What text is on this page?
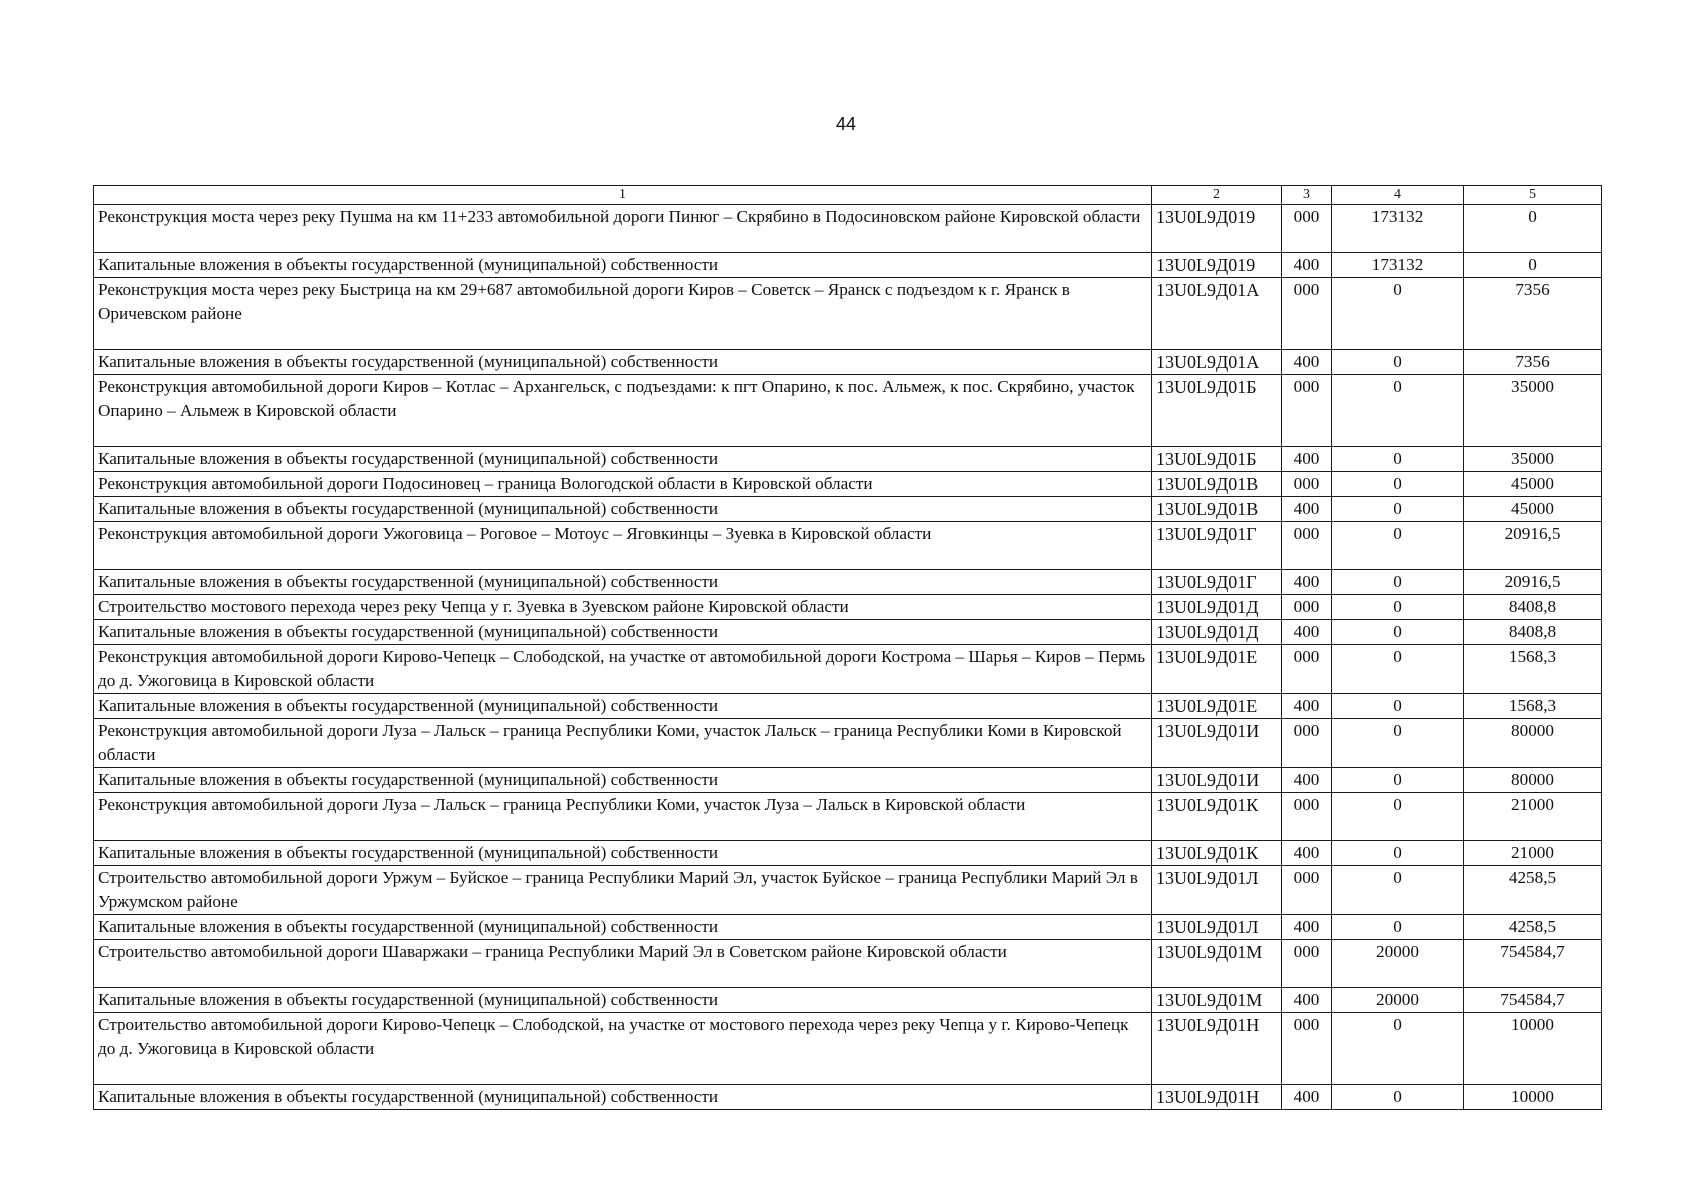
44
1	2	3	4	5
Реконструкция моста через реку Пушма на км 11+233 автомобильной дороги Пинюг – Скрябино в Подосиновском районе Кировской области	13U0L9Д019	000	173132	0
Капитальные вложения в объекты государственной (муниципальной) собственности	13U0L9Д019	400	173132	0
Реконструкция моста через реку Быстрица на км 29+687 автомобильной дороги Киров – Советск – Яранск с подъездом к г. Яранск в Оричевском районе	13U0L9Д01А	000	0	7356
Капитальные вложения в объекты государственной (муниципальной) собственности	13U0L9Д01А	400	0	7356
Реконструкция автомобильной дороги Киров – Котлас – Архангельск, с подъездами: к пгт Опарино, к пос. Альмеж, к пос. Скрябино, участок Опарино – Альмеж в Кировской области	13U0L9Д01Б	000	0	35000
Капитальные вложения в объекты государственной (муниципальной) собственности	13U0L9Д01Б	400	0	35000
Реконструкция автомобильной дороги Подосиновец – граница Вологодской области в Кировской области	13U0L9Д01В	000	0	45000
Капитальные вложения в объекты государственной (муниципальной) собственности	13U0L9Д01В	400	0	45000
Реконструкция автомобильной дороги Ужоговица – Роговое – Мотоус – Яговкинцы – Зуевка в Кировской области	13U0L9Д01Г	000	0	20916,5
Капитальные вложения в объекты государственной (муниципальной) собственности	13U0L9Д01Г	400	0	20916,5
Строительство мостового перехода через реку Чепца у г. Зуевка в Зуевском районе Кировской области	13U0L9Д01Д	000	0	8408,8
Капитальные вложения в объекты государственной (муниципальной) собственности	13U0L9Д01Д	400	0	8408,8
Реконструкция автомобильной дороги Кирово-Чепецк – Слободской, на участке от автомобильной дороги Кострома – Шарья – Киров – Пермь до д. Ужоговица в Кировской области	13U0L9Д01Е	000	0	1568,3
Капитальные вложения в объекты государственной (муниципальной) собственности	13U0L9Д01Е	400	0	1568,3
Реконструкция автомобильной дороги Луза – Лальск – граница Республики Коми, участок Лальск – граница Республики Коми в Кировской области	13U0L9Д01И	000	0	80000
Капитальные вложения в объекты государственной (муниципальной) собственности	13U0L9Д01И	400	0	80000
Реконструкция автомобильной дороги Луза – Лальск – граница Республики Коми, участок Луза – Лальск в Кировской области	13U0L9Д01К	000	0	21000
Капитальные вложения в объекты государственной (муниципальной) собственности	13U0L9Д01К	400	0	21000
Строительство автомобильной дороги Уржум – Буйское – граница Республики Марий Эл, участок Буйское – граница Республики Марий Эл в Уржумском районе	13U0L9Д01Л	000	0	4258,5
Капитальные вложения в объекты государственной (муниципальной) собственности	13U0L9Д01Л	400	0	4258,5
Строительство автомобильной дороги Шаваржаки – граница Республики Марий Эл в Советском районе Кировской области	13U0L9Д01М	000	20000	754584,7
Капитальные вложения в объекты государственной (муниципальной) собственности	13U0L9Д01М	400	20000	754584,7
Строительство автомобильной дороги Кирово-Чепецк – Слободской, на участке от мостового перехода через реку Чепца у г. Кирово-Чепецк до д. Ужоговица в Кировской области	13U0L9Д01Н	000	0	10000
Капитальные вложения в объекты государственной (муниципальной) собственности	13U0L9Д01Н	400	0	10000
